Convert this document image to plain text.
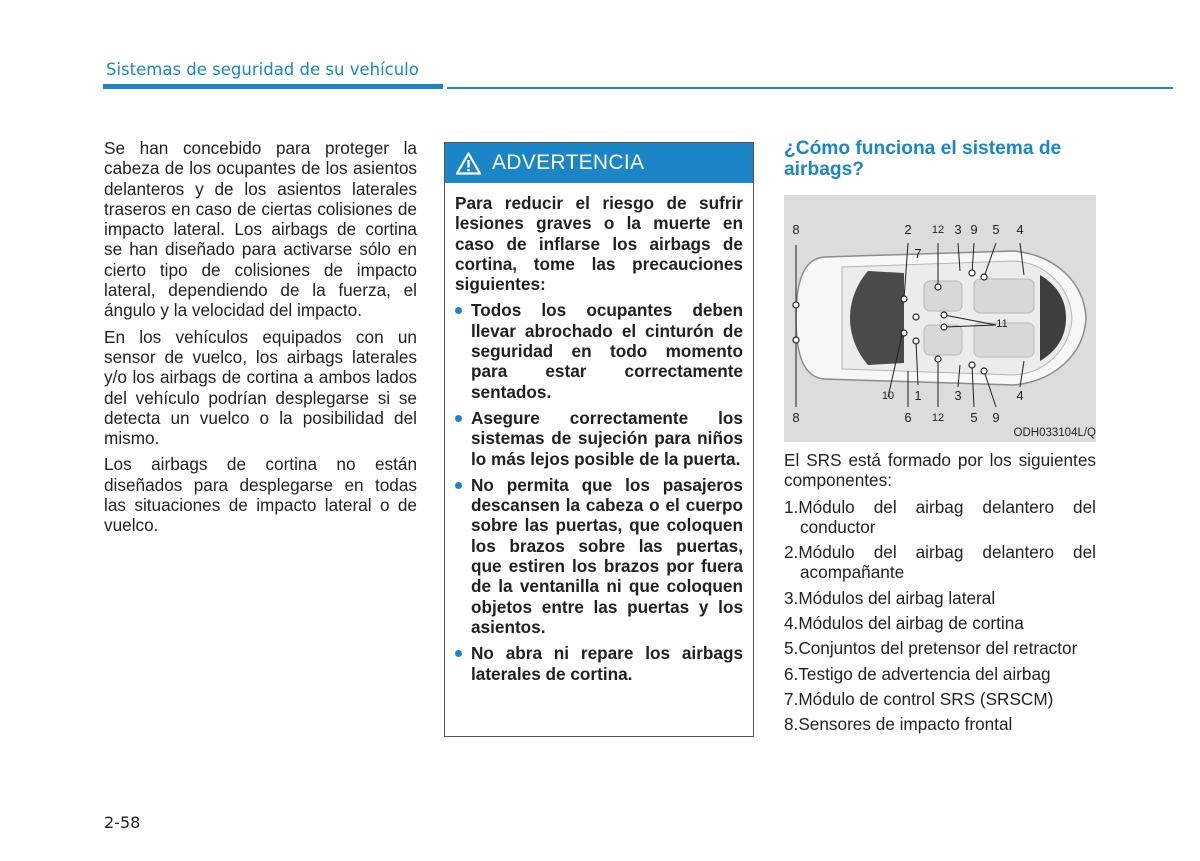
Sistemas de seguridad de su vehículo

Se han concebido para proteger la cabeza de los ocupantes de los asientos delanteros y de los asientos laterales traseros en caso de ciertas colisiones de impacto lateral. Los airbags de cortina se han diseñado para activarse sólo en cierto tipo de colisiones de impacto lateral, dependiendo de la fuerza, el ángulo y la velocidad del impacto.

En los vehículos equipados con un sensor de vuelco, los airbags laterales y/o los airbags de cortina a ambos lados del vehículo podrían desplegarse si se detecta un vuelco o la posibilidad del mismo.

Los airbags de cortina no están diseñados para desplegarse en todas las situaciones de impacto lateral o de vuelco.

ADVERTENCIA

Para reducir el riesgo de sufrir lesiones graves o la muerte en caso de inflarse los airbags de cortina, tome las precauciones siguientes:

Todos los ocupantes deben llevar abrochado el cinturón de seguridad en todo momento para estar correctamente sentados.
Asegure correctamente los sistemas de sujeción para niños lo más lejos posible de la puerta.
No permita que los pasajeros descansen la cabeza o el cuerpo sobre las puertas, que coloquen los brazos sobre las puertas, que estiren los brazos por fuera de la ventanilla ni que coloquen objetos entre las puertas y los asientos.
No abra ni repare los airbags laterales de cortina.
¿Cómo funciona el sistema de airbags?
8	2 12 3 9 5 4
7
11
8
10
6
1
12
3
5
4
9
ODH033104L/Q

El SRS está formado por los siguientes componentes:

1.Módulo del airbag delantero del conductor

2.Módulo del airbag delantero del acompañante

3.Módulos del airbag lateral

4.Módulos del airbag de cortina

5.Conjuntos del pretensor del retractor

6.Testigo de advertencia del airbag

7.Módulo de control SRS (SRSCM)

8.Sensores de impacto frontal

2-58
